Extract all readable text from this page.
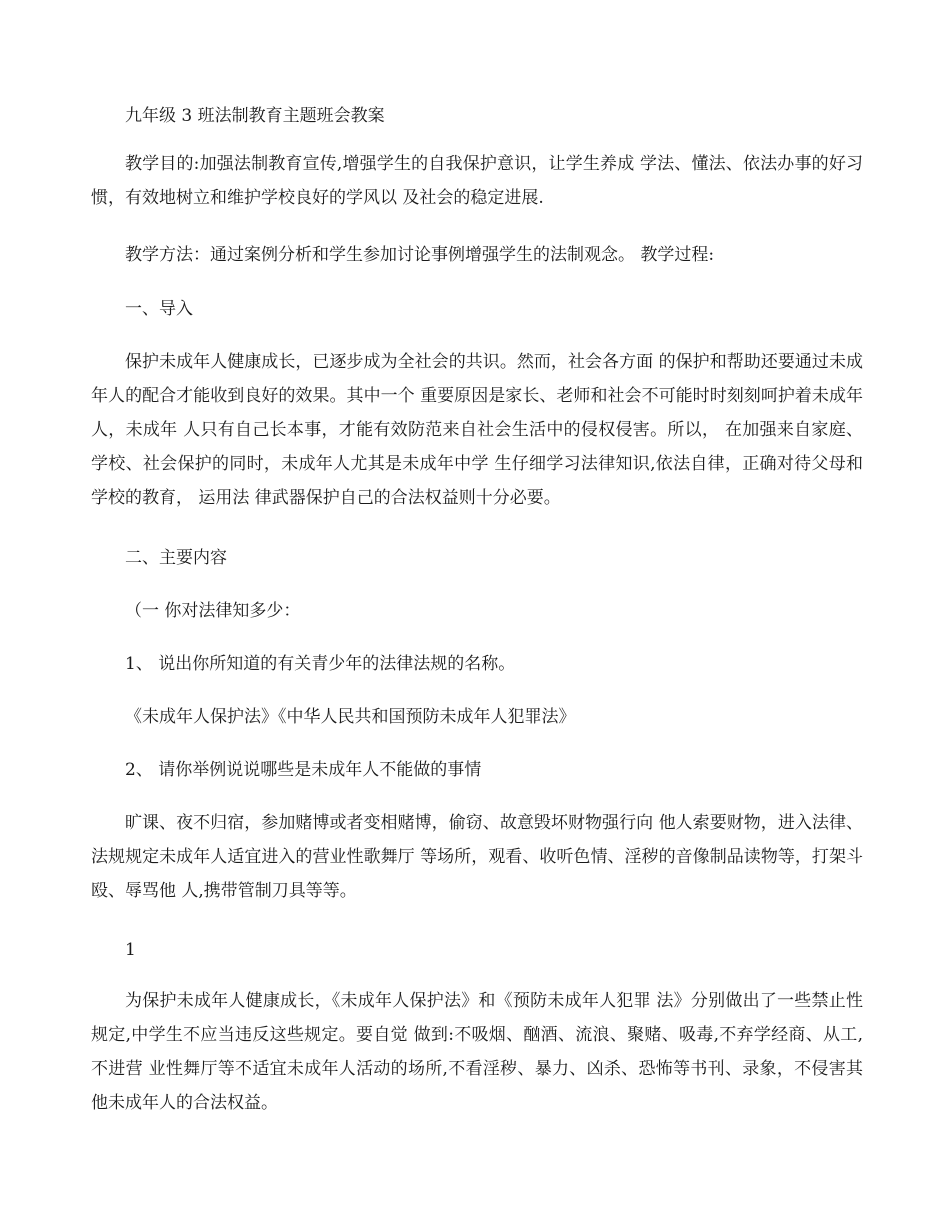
九年级 3 班法制教育主题班会教案
教学目的:加强法制教育宣传,增强学生的自我保护意识，让学生养成 学法、懂法、依法办事的好习惯，有效地树立和维护学校良好的学风以 及社会的稳定进展.
教学方法：通过案例分析和学生参加讨论事例增强学生的法制观念。 教学过程:
一、导入
保护未成年人健康成长，已逐步成为全社会的共识。然而，社会各方面 的保护和帮助还要通过未成年人的配合才能收到良好的效果。其中一个 重要原因是家长、老师和社会不可能时时刻刻呵护着未成年人，未成年 人只有自己长本事，才能有效防范来自社会生活中的侵权侵害。所以， 在加强来自家庭、学校、社会保护的同时，未成年人尤其是未成年中学 生仔细学习法律知识,依法自律，正确对待父母和学校的教育， 运用法 律武器保护自己的合法权益则十分必要。
二、主要内容
（一 你对法律知多少：
1、 说出你所知道的有关青少年的法律法规的名称。
《未成年人保护法》《中华人民共和国预防未成年人犯罪法》
2、 请你举例说说哪些是未成年人不能做的事情
旷课、夜不归宿，参加赌博或者变相赌博，偷窃、故意毁坏财物强行向 他人索要财物，进入法律、法规规定未成年人适宜进入的营业性歌舞厅 等场所，观看、收听色情、淫秽的音像制品读物等，打架斗殴、辱骂他 人,携带管制刀具等等。
1
为保护未成年人健康成长，《未成年人保护法》和《预防未成年人犯罪 法》分别做出了一些禁止性规定,中学生不应当违反这些规定。要自觉 做到:不吸烟、酗酒、流浪、聚赌、吸毒,不弃学经商、从工,不进营 业性舞厅等不适宜未成年人活动的场所,不看淫秽、暴力、凶杀、恐怖等书刊、录象，不侵害其他未成年人的合法权益。
